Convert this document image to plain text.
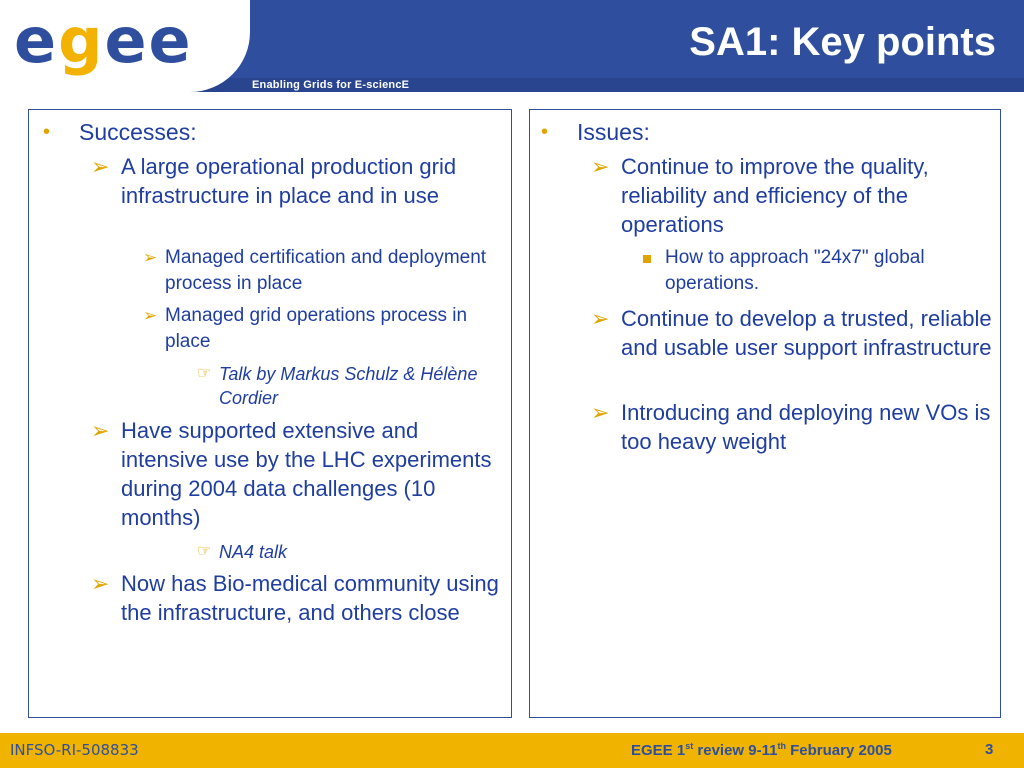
egee
Enabling Grids for E-sciencE
SA1: Key points
•	Successes:
➢ A large operational production grid infrastructure in place and in use
➢ Managed certification and deployment process in place
➢ Managed grid operations process in place
☞ Talk by Markus Schulz & Hélène Cordier
➢ Have supported extensive and intensive use by the LHC experiments during 2004 data challenges (10 months)
☞ NA4 talk
➢ Now has Bio-medical community using the infrastructure, and others close
•	Issues:
➢ Continue to improve the quality, reliability and efficiency of the operations
How to approach "24x7" global operations.
➢ Continue to develop a trusted, reliable and usable user support infrastructure
➢ Introducing and deploying new VOs is too heavy weight
INFSO-RI-508833	EGEE 1st review 9-11th February 2005	3
